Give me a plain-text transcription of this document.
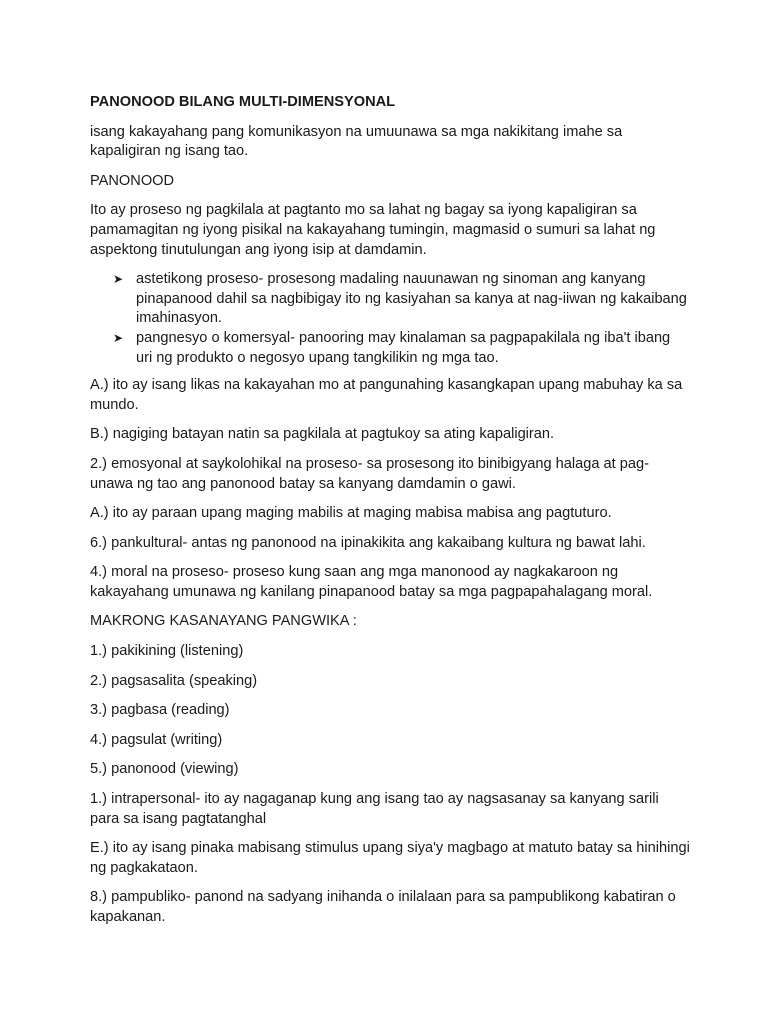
PANONOOD BILANG MULTI-DIMENSYONAL

isang kakayahang pang komunikasyon na umuunawa sa mga nakikitang imahe sa kapaligiran ng isang tao.

PANONOOD

Ito ay proseso ng pagkilala at pagtanto mo sa lahat ng bagay sa iyong kapaligiran sa pamamagitan ng iyong pisikal na kakayahang tumingin, magmasid o sumuri sa lahat ng aspektong tinutulungan ang iyong isip at damdamin.

➤ astetikong proseso- prosesong madaling nauunawan ng sinoman ang kanyang pinapanood dahil sa nagbibigay ito ng kasiyahan sa kanya at nag-iiwan ng kakaibang imahinasyon.
➤ pangnesyo o komersyal- panooring may kinalaman sa pagpapakilala ng iba't ibang uri ng produkto o negosyo upang tangkilikin ng mga tao.

A.) ito ay isang likas na kakayahan mo at pangunahing kasangkapan upang mabuhay ka sa mundo.

B.) nagiging batayan natin sa pagkilala at pagtukoy sa ating kapaligiran.

2.) emosyonal at saykolohikal na proseso- sa prosesong ito binibigyang halaga at pag-unawa ng tao ang panonood batay sa kanyang damdamin o gawi.

A.) ito ay paraan upang maging mabilis at maging mabisa mabisa ang pagtuturo.

6.) pankultural- antas ng panonood na ipinakikita ang kakaibang kultura ng bawat lahi.

4.) moral na proseso- proseso kung saan ang mga manonood ay nagkakaroon ng kakayahang umunawa ng kanilang pinapanood batay sa mga pagpapahalagang moral.

MAKRONG KASANAYANG PANGWIKA :

1.) pakikining (listening)

2.) pagsasalita (speaking)

3.) pagbasa (reading)

4.) pagsulat (writing)

5.) panonood (viewing)

1.) intrapersonal- ito ay nagaganap kung ang isang tao ay nagsasanay sa kanyang sarili para sa isang pagtatanghal

E.) ito ay isang pinaka mabisang stimulus upang siya'y magbago at matuto batay sa hinihingi ng pagkakataon.

8.) pampubliko- panond na sadyang inihanda o inilalaan para sa pampublikong kabatiran o kapakanan.
